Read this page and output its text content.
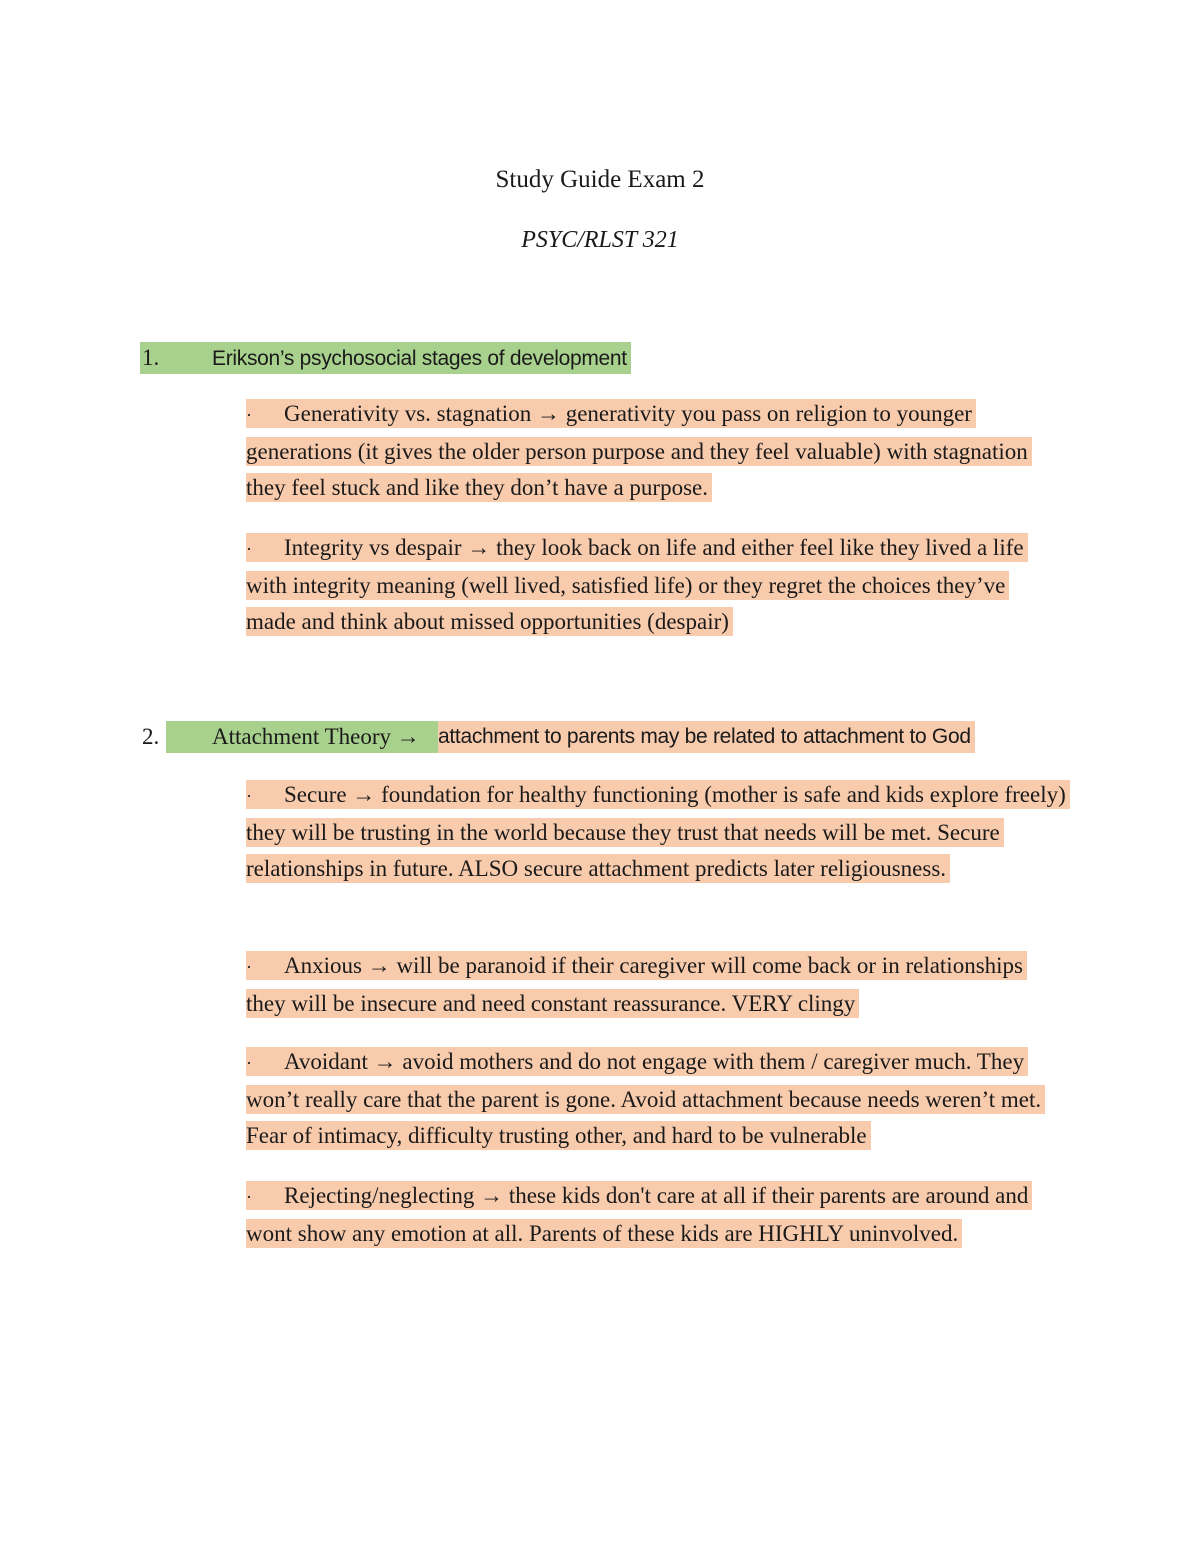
Study Guide Exam 2

PSYC/RLST 321

1.	Erikson’s psychosocial stages of development
· Generativity vs. stagnation → generativity you pass on religion to younger generations (it gives the older person purpose and they feel valuable) with stagnation they feel stuck and like they don’t have a purpose.
· Integrity vs despair → they look back on life and either feel like they lived a life with integrity meaning (well lived, satisfied life) or they regret the choices they’ve made and think about missed opportunities (despair)
2.	Attachment Theory → attachment to parents may be related to attachment to God
· Secure → foundation for healthy functioning (mother is safe and kids explore freely) they will be trusting in the world because they trust that needs will be met. Secure relationships in future. ALSO secure attachment predicts later religiousness.
· Anxious → will be paranoid if their caregiver will come back or in relationships they will be insecure and need constant reassurance. VERY clingy
· Avoidant → avoid mothers and do not engage with them / caregiver much. They won’t really care that the parent is gone. Avoid attachment because needs weren’t met. Fear of intimacy, difficulty trusting other, and hard to be vulnerable
· Rejecting/neglecting → these kids don't care at all if their parents are around and wont show any emotion at all. Parents of these kids are HIGHLY uninvolved.
